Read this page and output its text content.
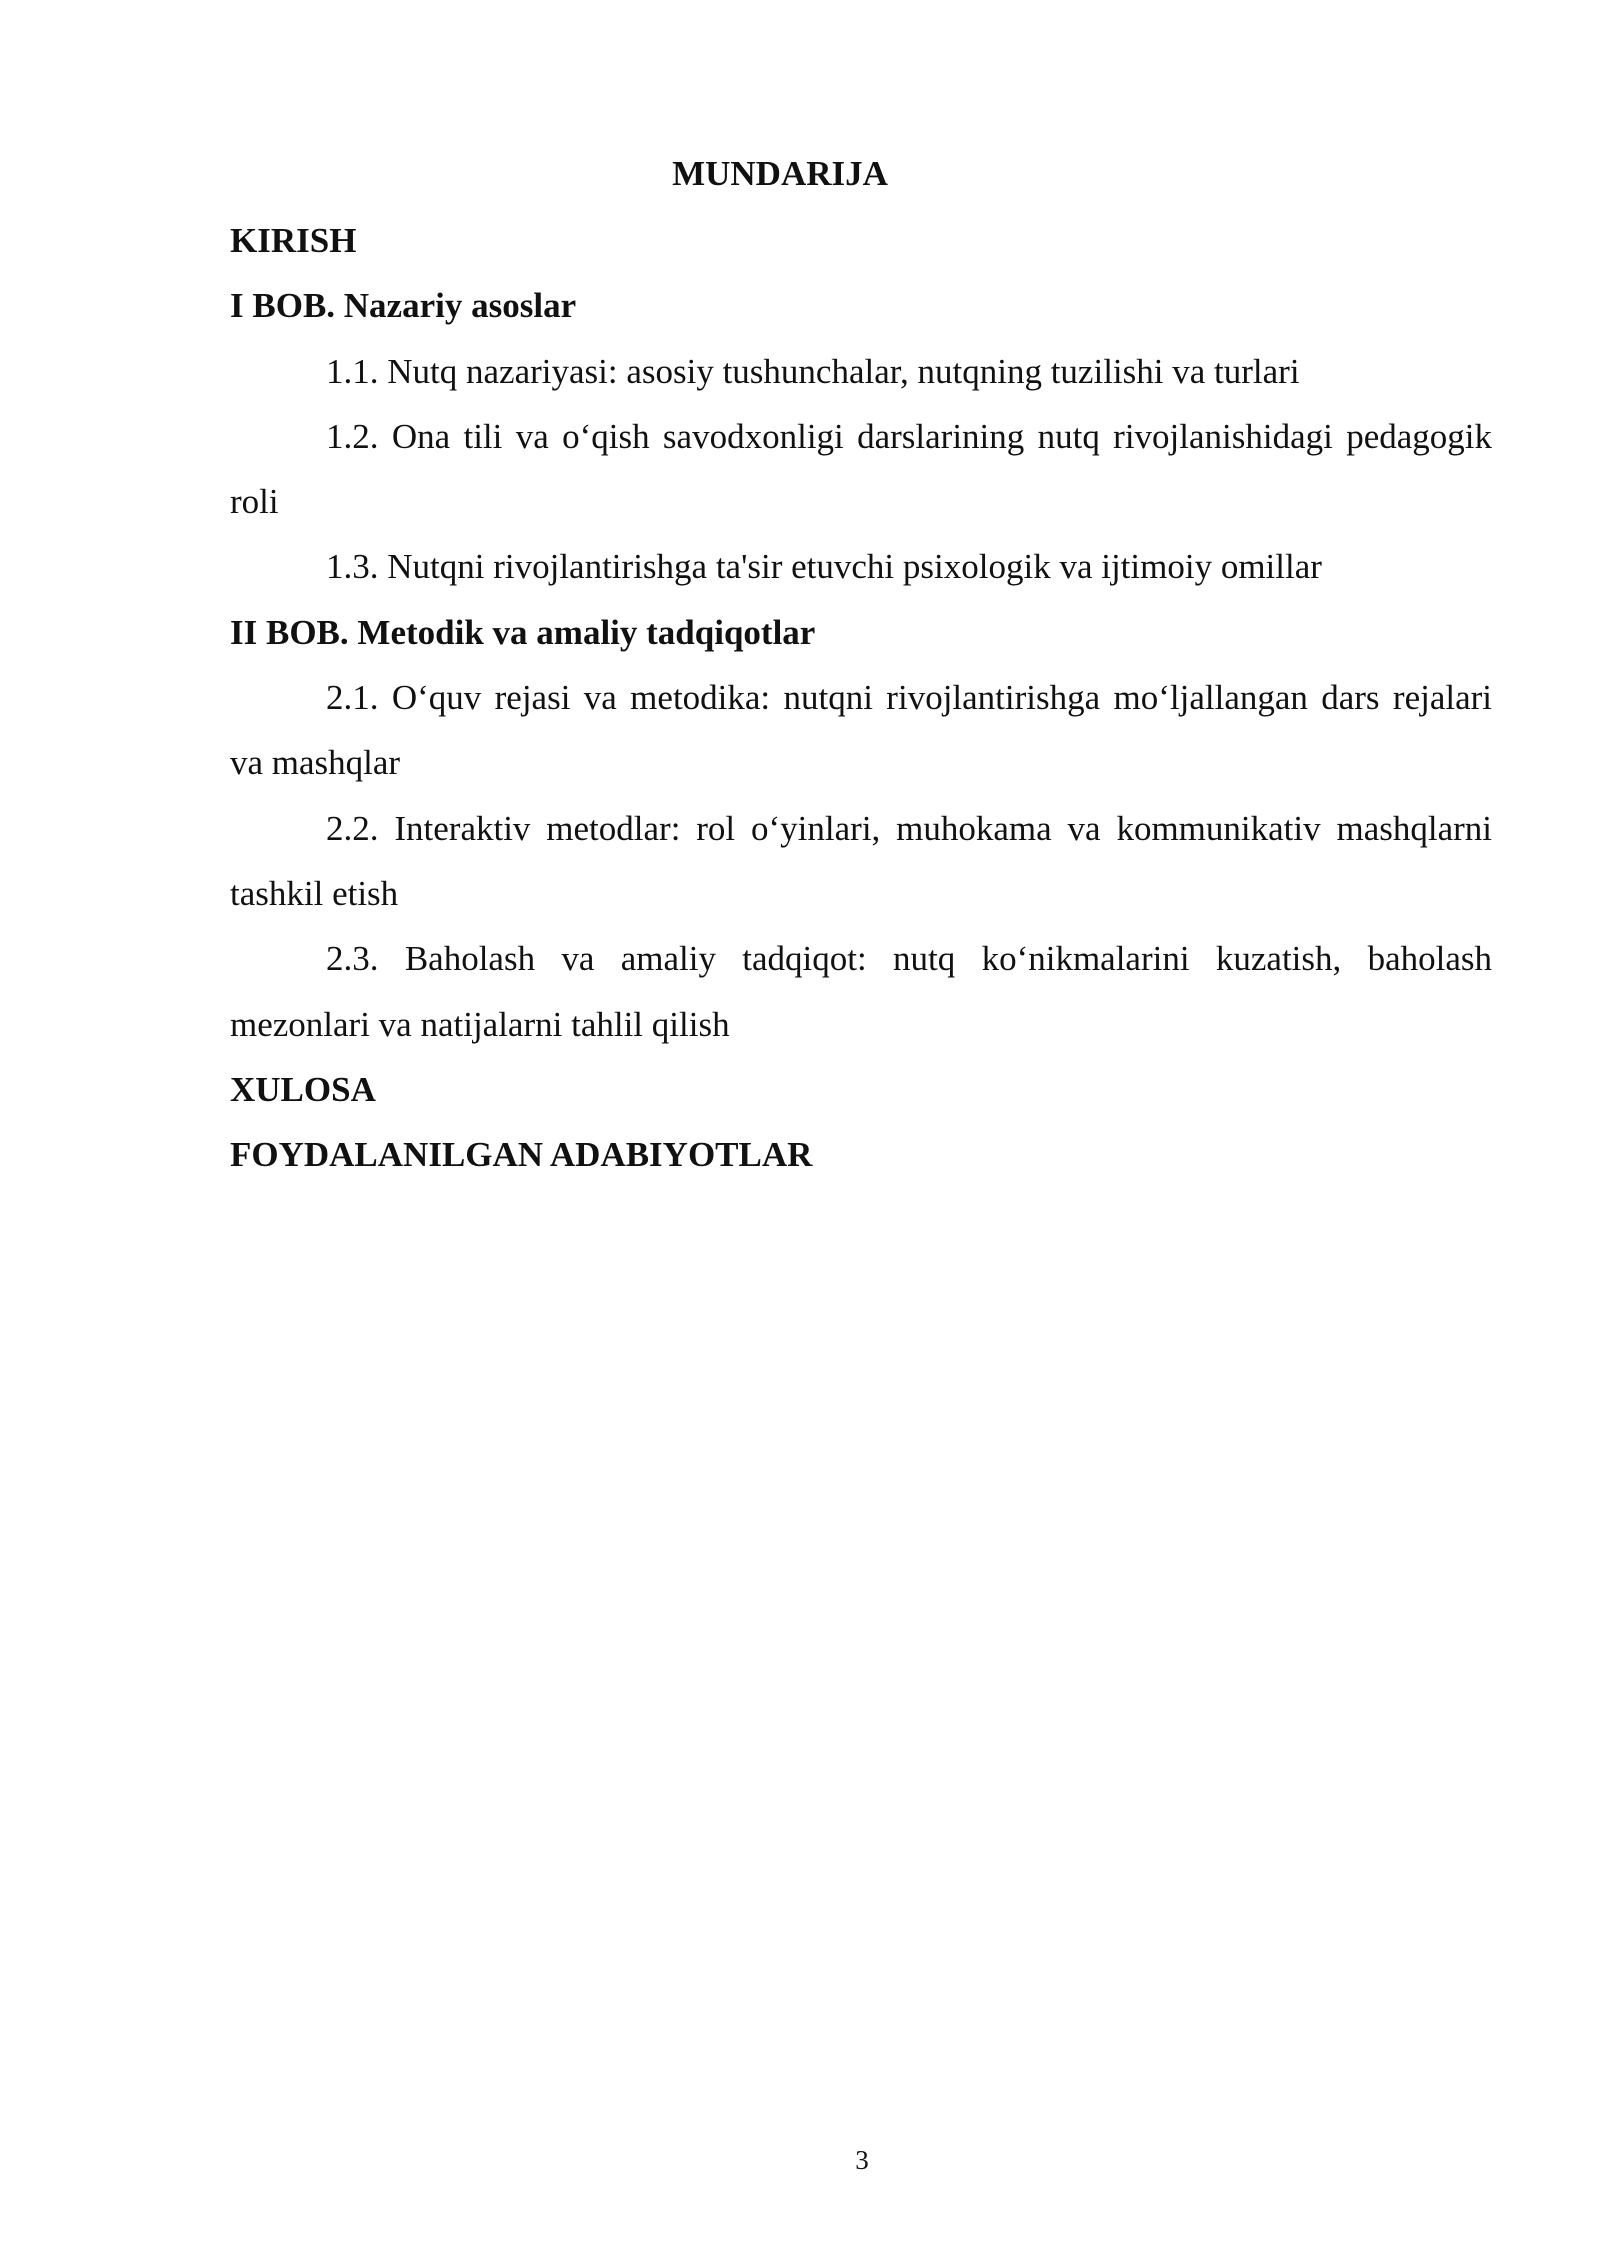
MUNDARIJA

KIRISH

I BOB. Nazariy asoslar

1.1. Nutq nazariyasi: asosiy tushunchalar, nutqning tuzilishi va turlari

1.2. Ona tili va o‘qish savodxonligi darslarining nutq rivojlanishidagi pedagogik roli

1.3. Nutqni rivojlantirishga ta'sir etuvchi psixologik va ijtimoiy omillar

II BOB. Metodik va amaliy tadqiqotlar

2.1. O‘quv rejasi va metodika: nutqni rivojlantirishga mo‘ljallangan dars rejalari va mashqlar

2.2. Interaktiv metodlar: rol o‘yinlari, muhokama va kommunikativ mashqlarni tashkil etish

2.3. Baholash va amaliy tadqiqot: nutq ko‘nikmalarini kuzatish, baholash mezonlari va natijalarni tahlil qilish

XULOSA

FOYDALANILGAN ADABIYOTLAR

3
